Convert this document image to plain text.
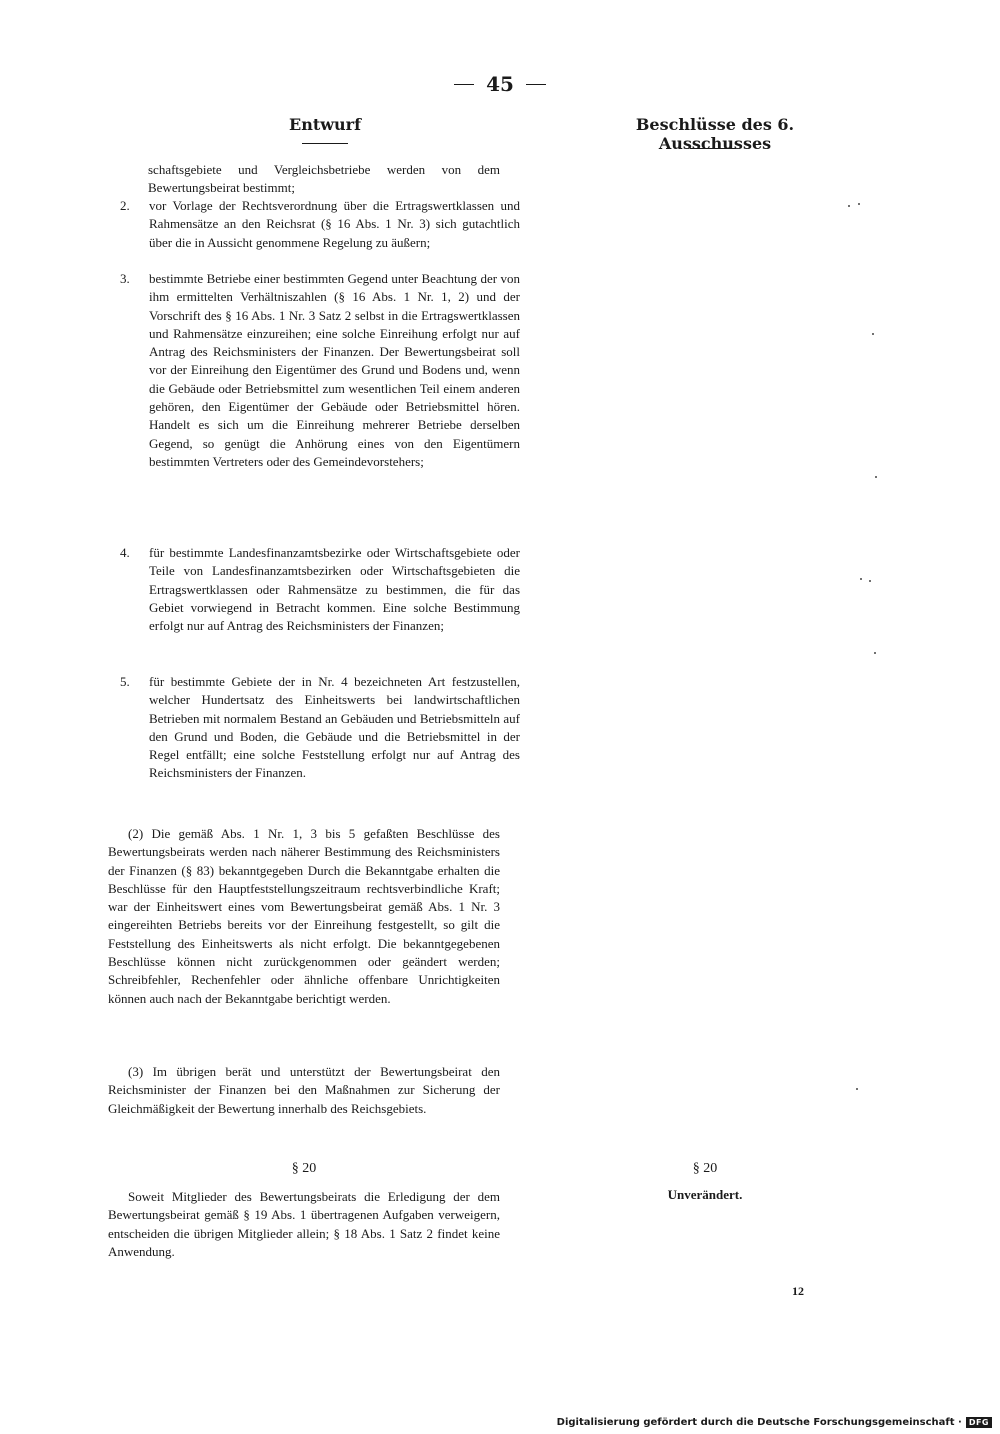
45
Entwurf	Beschlüsse des 6. Ausschusses
schaftsgebiete und Vergleichsbetriebe werden von dem Bewertungsbeirat bestimmt;
2.	vor Vorlage der Rechtsverordnung über die Ertragswertklassen und Rahmensätze an den Reichsrat (§ 16 Abs. 1 Nr. 3) sich gutachtlich über die in Aussicht genommene Regelung zu äußern;
3.	bestimmte Betriebe einer bestimmten Gegend unter Beachtung der von ihm ermittelten Verhältniszahlen (§ 16 Abs. 1 Nr. 1, 2) und der Vorschrift des § 16 Abs. 1 Nr. 3 Satz 2 selbst in die Ertragswertklassen und Rahmensätze einzureihen; eine solche Einreihung erfolgt nur auf Antrag des Reichsministers der Finanzen. Der Bewertungsbeirat soll vor der Einreihung den Eigentümer des Grund und Bodens und, wenn die Gebäude oder Betriebsmittel zum wesentlichen Teil einem anderen gehören, den Eigentümer der Gebäude oder Betriebsmittel hören. Handelt es sich um die Einreihung mehrerer Betriebe derselben Gegend, so genügt die Anhörung eines von den Eigentümern bestimmten Vertreters oder des Gemeindevorstehers;
4.	für bestimmte Landesfinanzamtsbezirke oder Wirtschaftsgebiete oder Teile von Landesfinanzamtsbezirken oder Wirtschaftsgebieten die Ertragswertklassen oder Rahmensätze zu bestimmen, die für das Gebiet vorwiegend in Betracht kommen. Eine solche Bestimmung erfolgt nur auf Antrag des Reichsministers der Finanzen;
5.	für bestimmte Gebiete der in Nr. 4 bezeichneten Art festzustellen, welcher Hundertsatz des Einheitswerts bei landwirtschaftlichen Betrieben mit normalem Bestand an Gebäuden und Betriebsmitteln auf den Grund und Boden, die Gebäude und die Betriebsmittel in der Regel entfällt; eine solche Feststellung erfolgt nur auf Antrag des Reichsministers der Finanzen.
(2) Die gemäß Abs. 1 Nr. 1, 3 bis 5 gefaßten Beschlüsse des Bewertungsbeirats werden nach näherer Bestimmung des Reichsministers der Finanzen (§ 83) bekanntgegeben Durch die Bekanntgabe erhalten die Beschlüsse für den Hauptfeststellungszeitraum rechtsverbindliche Kraft; war der Einheitswert eines vom Bewertungsbeirat gemäß Abs. 1 Nr. 3 eingereihten Betriebs bereits vor der Einreihung festgestellt, so gilt die Feststellung des Einheitswerts als nicht erfolgt. Die bekanntgegebenen Beschlüsse können nicht zurückgenommen oder geändert werden; Schreibfehler, Rechenfehler oder ähnliche offenbare Unrichtigkeiten können auch nach der Bekanntgabe berichtigt werden.
(3) Im übrigen berät und unterstützt der Bewertungsbeirat den Reichsminister der Finanzen bei den Maßnahmen zur Sicherung der Gleichmäßigkeit der Bewertung innerhalb des Reichsgebiets.
§ 20
Soweit Mitglieder des Bewertungsbeirats die Erledigung der dem Bewertungsbeirat gemäß § 19 Abs. 1 übertragenen Aufgaben verweigern, entscheiden die übrigen Mitglieder allein; § 18 Abs. 1 Satz 2 findet keine Anwendung.
§ 20
Unverändert.
12
Digitalisierung gefördert durch die Deutsche Forschungsgemeinschaft · DFG
